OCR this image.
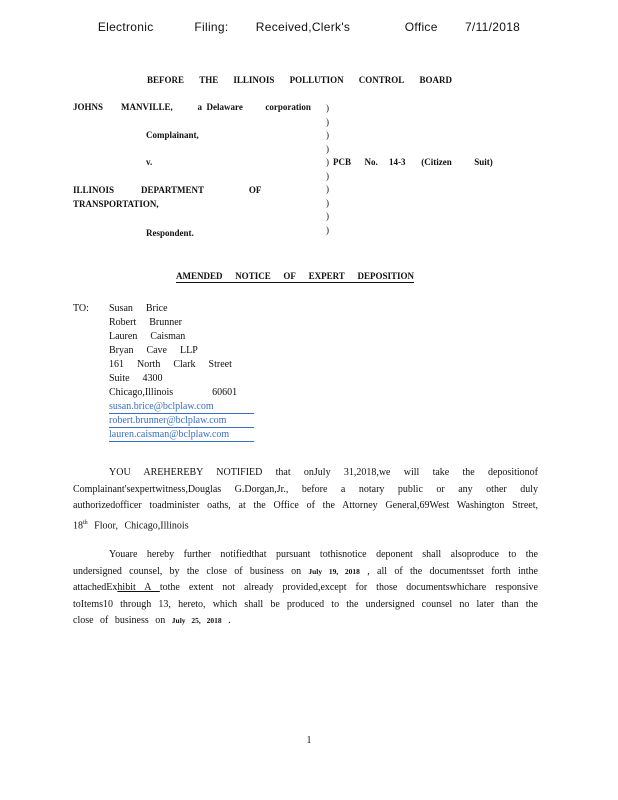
Electronic   Filing:  Received,Clerk's    Office  7/11/2018
BEFORE THE ILLINOIS POLLUTION CONTROL BOARD
JOHNS        MANVILLE,           a  Delaware          corporation
Complainant,
v.	PCB      No.     14-3       (Citizen          Suit)
ILLINOIS            DEPARTMENT                    OF
TRANSPORTATION,
Respondent.
)
)
)
)
)
)
)
)
)
)
AMENDED NOTICE OF EXPERT DEPOSITION
TO: Susan  Brice
Robert  Brunner
Lauren  Caisman
Bryan  Cave  LLP
161  North  Clark  Street
Suite  4300
Chicago,Illinois      60601
susan.brice@bclplaw.com
robert.brunner@bclplaw.com
lauren.caisman@bclplaw.com
YOU AREHEREBY NOTIFIED that onJuly 31,2018,we will take the depositionof Complainant'sexpertwitness,Douglas G.Dorgan,Jr., before a notary public or any other duly authorizedofficer toadminister oaths, at the Office of the Attorney General,69West Washington Street, 18th Floor, Chicago,Illinois
Youare hereby further notifiedthat pursuant tothisnotice deponent shall alsoproduce to the undersigned counsel, by the close of business on July 19, 2018 , all of the documentsset forth inthe attachedExhibit A tothe extent not already provided,except for those documentswhichare responsive toItems10 through 13, hereto, which shall be produced to the undersigned counsel no later than the close of business on July 25, 2018 .
1
